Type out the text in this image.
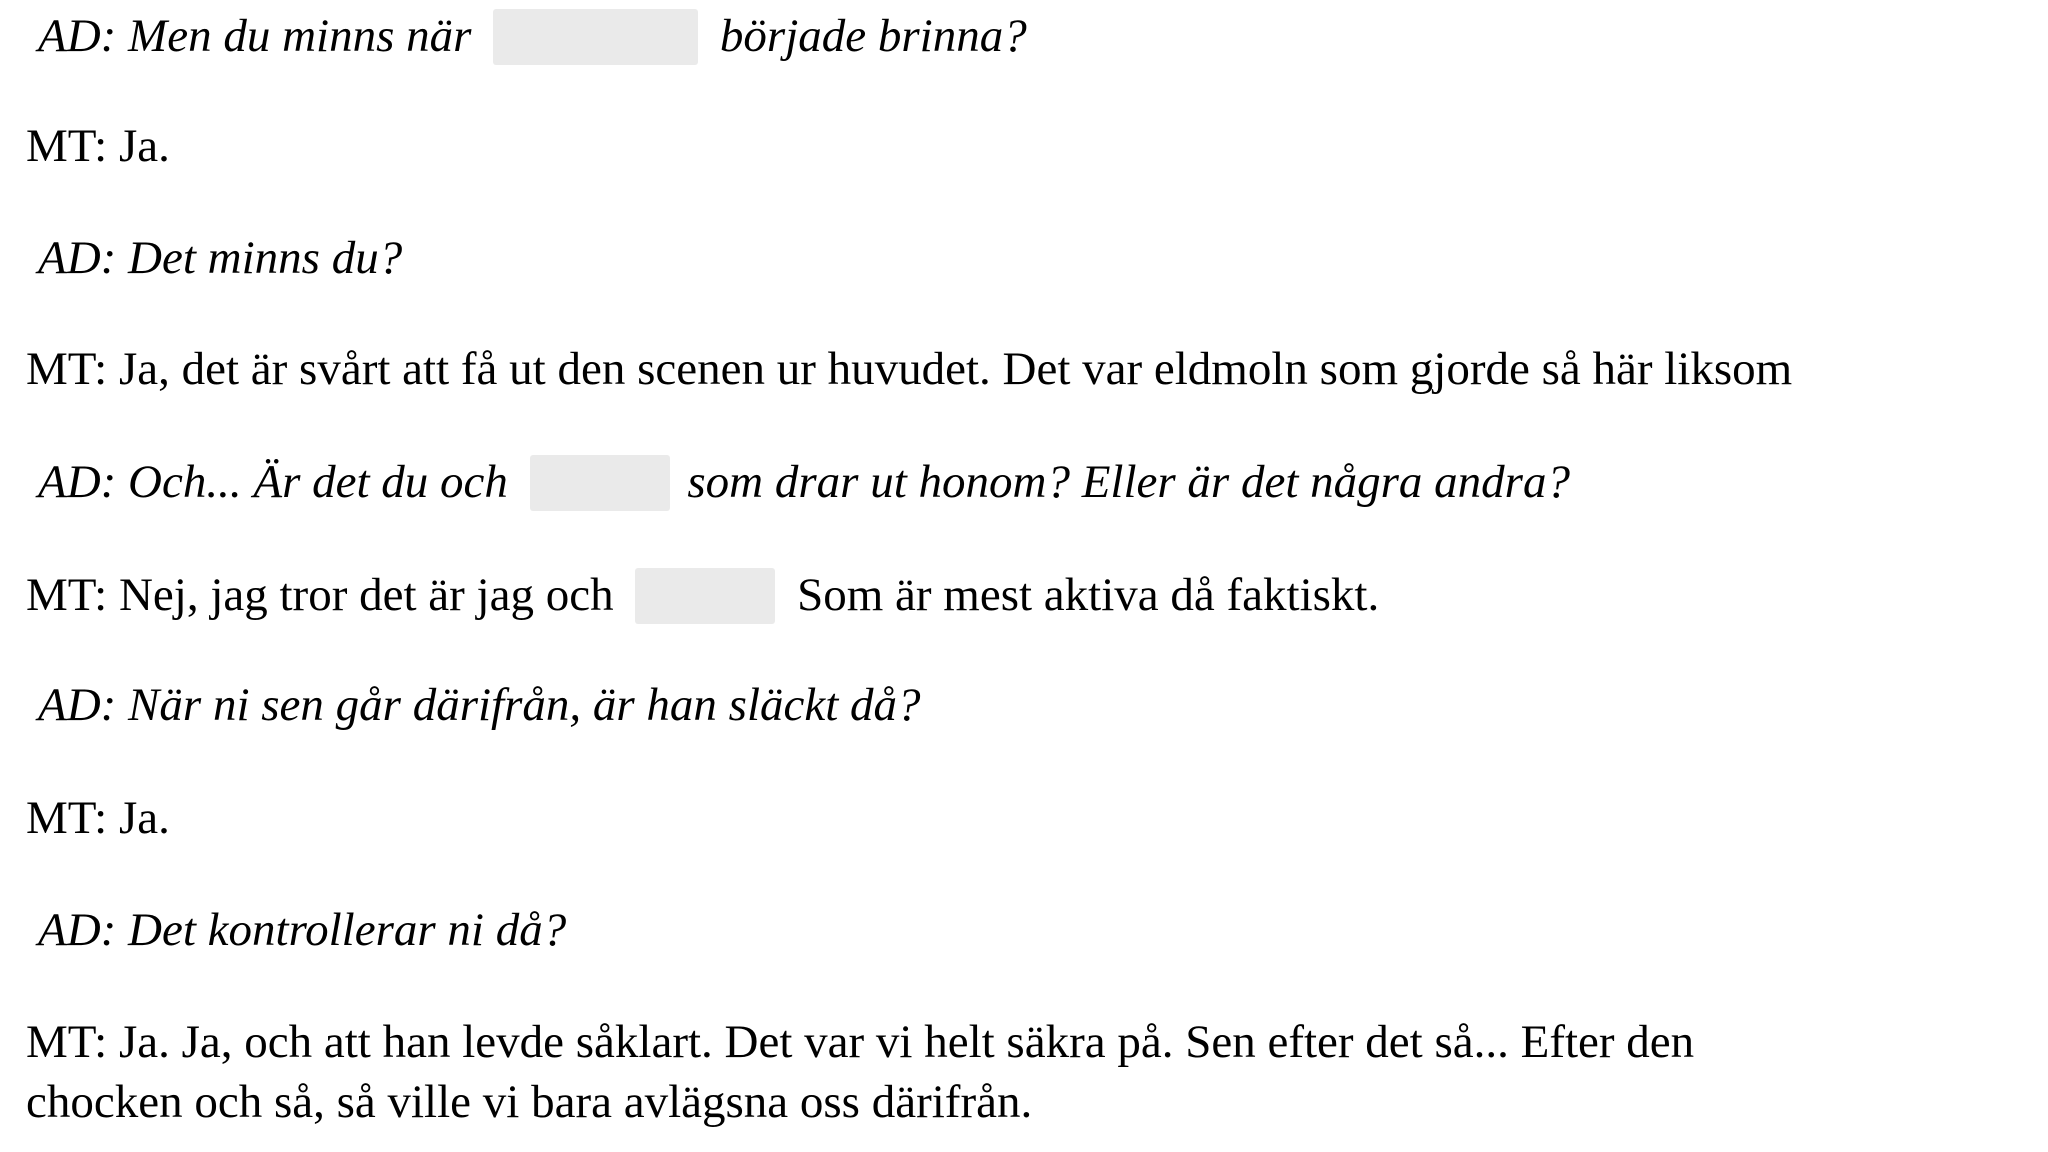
AD: Men du minns när	började brinna?
MT: Ja.
AD: Det minns du?
MT: Ja, det är svårt att få ut den scenen ur huvudet. Det var eldmoln som gjorde så här liksom
AD: Och... Är det du och	som drar ut honom? Eller är det några andra?
MT: Nej, jag tror det är jag och	Som är mest aktiva då faktiskt.
AD: När ni sen går därifrån, är han släckt då?
MT: Ja.
AD: Det kontrollerar ni då?
MT: Ja. Ja, och att han levde såklart. Det var vi helt säkra på. Sen efter det så... Efter den
chocken och så, så ville vi bara avlägsna oss därifrån.
